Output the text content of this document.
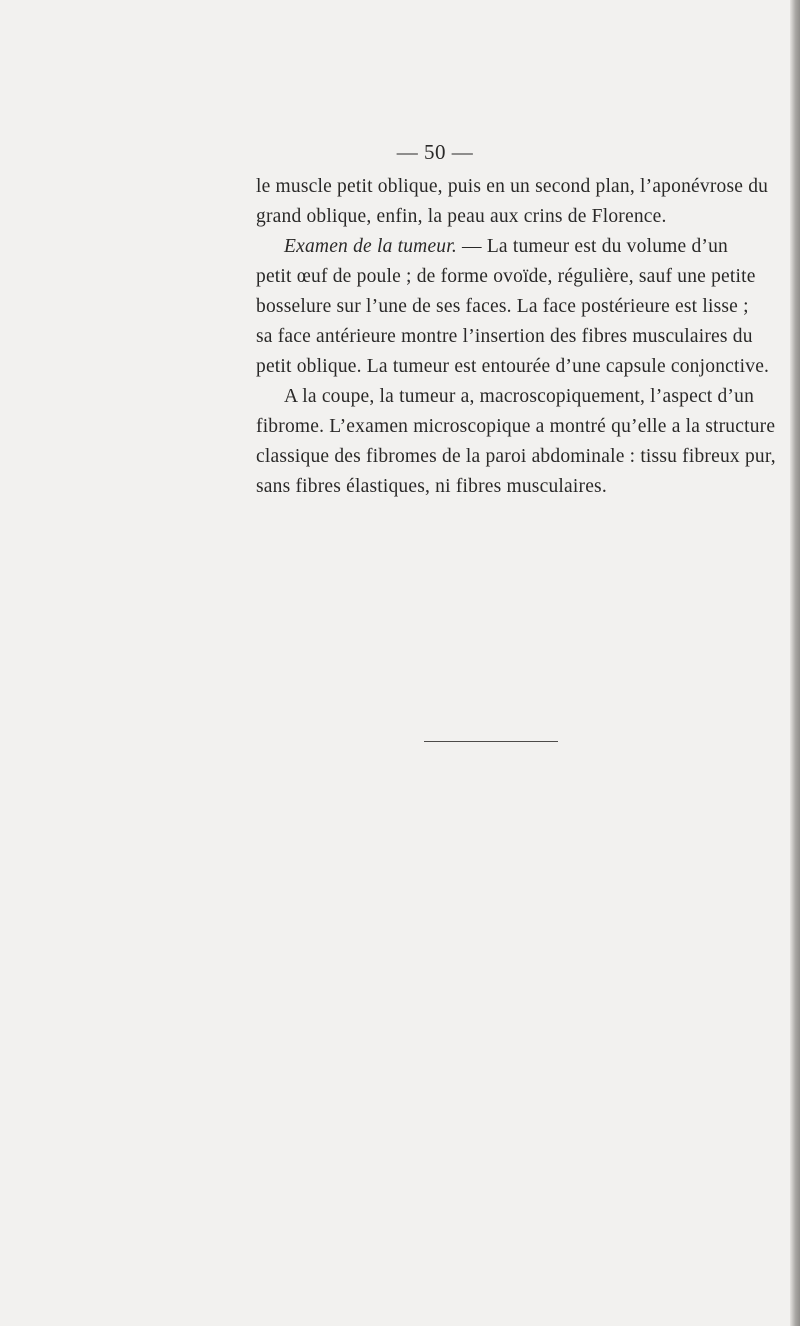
— 50 —
le muscle petit oblique, puis en un second plan, l’aponévrose du
grand oblique, enfin, la peau aux crins de Florence.
Examen de la tumeur. — La tumeur est du volume d’un
petit œuf de poule ; de forme ovoïde, régulière, sauf une petite
bosselure sur l’une de ses faces. La face postérieure est lisse ;
sa face antérieure montre l’insertion des fibres musculaires du
petit oblique. La tumeur est entourée d’une capsule conjonctive.
A la coupe, la tumeur a, macroscopiquement, l’aspect d’un
fibrome. L’examen microscopique a montré qu’elle a la structure
classique des fibromes de la paroi abdominale : tissu fibreux pur,
sans fibres élastiques, ni fibres musculaires.
